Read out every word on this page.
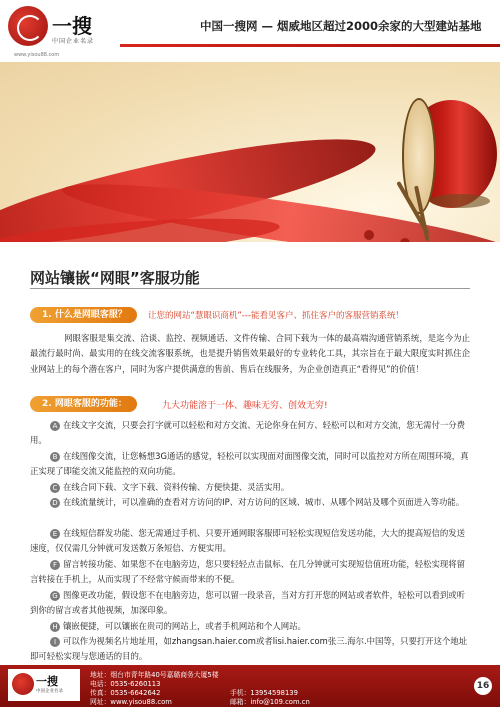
一搜
中国企业名录
www.yisou88.com
中国一搜网 — 烟威地区超过2000余家的大型建站基地
网站镶嵌“网眼”客服功能
1. 什么是网眼客服？	让您的网站“慧眼识商机”---能看见客户、抓住客户的客服营销系统！
网眼客服是集交流、洽谈、监控、视频通话、文件传输、合同下载为一体的最高端沟通营销系统，是迄今为止最流行最时尚、最实用的在线交流客服系统，也是提升销售效果最好的专业转化工具，其宗旨在于最大限度实时抓住企业网站上的每个潜在客户，同时为客户提供满意的售前、售后在线服务，为企业创造真正“看得见”的价值！
2. 网眼客服的功能：	九大功能溶于一体、趣味无穷、创效无穷!
A 在线文字交流，只要会打字就可以轻松和对方交流、无论你身在何方、轻松可以和对方交流，您无需付一分费用。
B 在线图像交流，让您畅想3G通话的感觉，轻松可以实现面对面图像交流，同时可以监控对方所在周围环境，真正实现了即能交流又能监控的双向功能。
C 在线合同下载、文字下载、资料传输、方便快捷、灵活实用。
D 在线流量统计，可以准确的查看对方访问的IP、对方访问的区域、城市、从哪个网站及哪个页面进入等功能。
E 在线短信群发功能、您无需通过手机、只要开通网眼客服即可轻松实现短信发送功能，大大的提高短信的发送速度，仅仅需几分钟就可发送数万条短信、方便实用。
F 留言转接功能、如果您不在电脑旁边，您只要轻轻点击鼠标、在几分钟就可实现短信值班功能，轻松实现将留言转接在手机上，从而实现了不经常守候而带来的不便。
G 图像更改功能，假设您不在电脑旁边，您可以留一段录音，当对方打开您的网站或者软件，轻松可以看到或听到你的留言或者其他视频，加深印象。
H 镶嵌便捷，可以镶嵌在贵司的网站上，或者手机网站和个人网站。
I 可以作为视频名片地址用，如zhangsan.haier.com或者lisi.haier.com张三.海尔.中国等，只要打开这个地址即可轻松实现与您通话的目的。
一搜
中国企业名录
地址：烟台市青年路40号嘉璐商务大厦5楼
电话：0535-6260113
传真：0535-6642642
网址：www.yisou88.com
手机：13954598139
邮箱：info@109.com.cn
16
